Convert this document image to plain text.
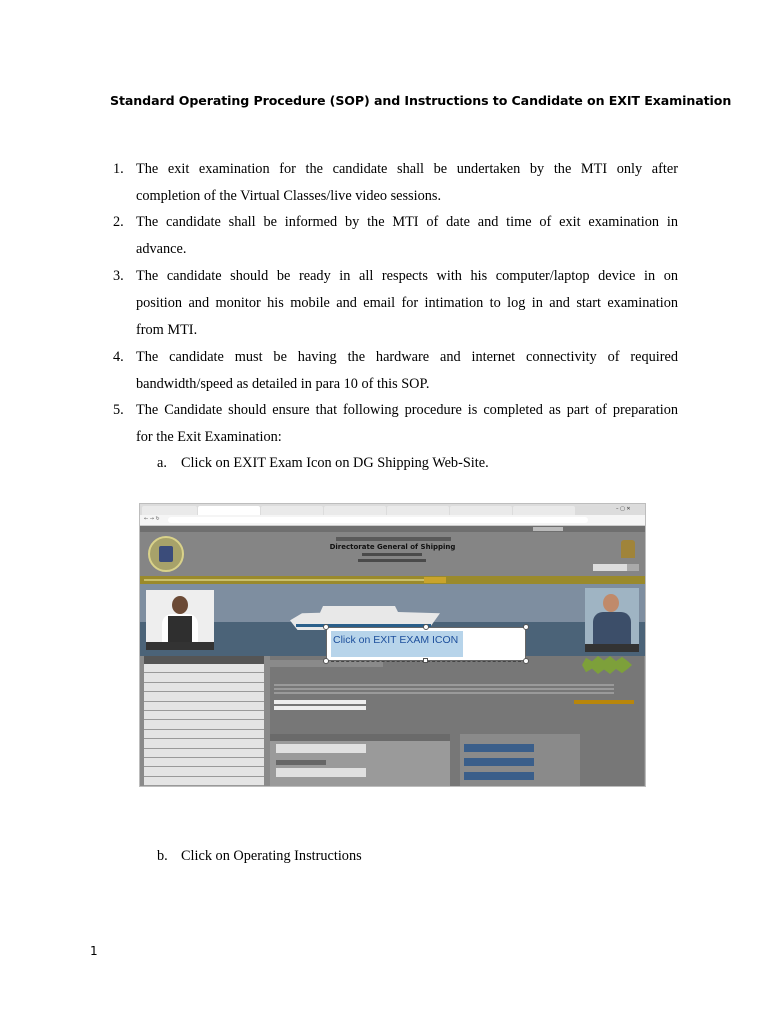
Standard Operating Procedure (SOP) and Instructions to Candidate on EXIT Examination
1. The exit examination for the candidate shall be undertaken by the MTI only after
completion of the Virtual Classes/live video sessions.
2. The candidate shall be informed by the MTI of date and time of exit examination in
advance.
3. The candidate should be ready in all respects with his computer/laptop device in on
position and monitor his mobile and email for intimation to log in and start examination
from MTI.
4. The candidate must be having the hardware and internet connectivity of required
bandwidth/speed as detailed in para 10 of this SOP.
5. The Candidate should ensure that following procedure is completed as part of preparation
for the Exit Examination:
a. Click on EXIT Exam Icon on DG Shipping Web-Site.
– ▢ ✕
← → ↻
Directorate General of Shipping
Click on EXIT EXAM ICON
b. Click on Operating Instructions
1
